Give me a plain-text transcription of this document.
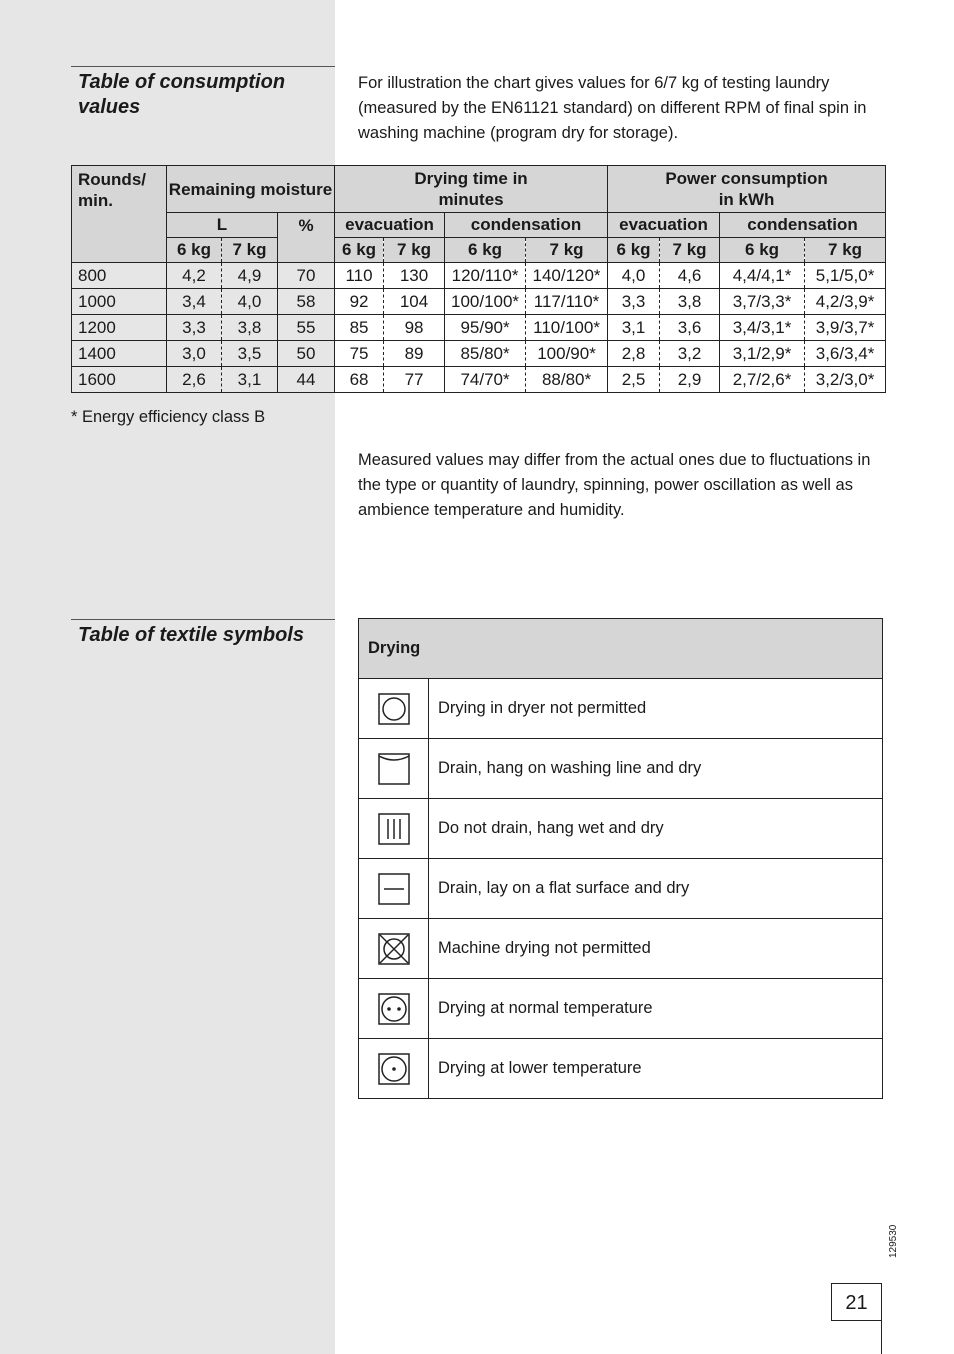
Table of consumption values

For illustration the chart gives values for 6/7 kg of testing laundry (measured by the EN61121 standard) on different RPM of final spin in washing machine (program dry for storage).

Rounds/ min.	Remaining moisture			Drying time in minutes				Power consumption in kWh			
	L		%	evacuation		condensation		evacuation		condensation	
	6 kg	7 kg		6 kg	7 kg	6 kg	7 kg	6 kg	7 kg	6 kg	7 kg
800	4,2	4,9	70	110	130	120/110*	140/120*	4,0	4,6	4,4/4,1*	5,1/5,0*
1000	3,4	4,0	58	92	104	100/100*	117/110*	3,3	3,8	3,7/3,3*	4,2/3,9*
1200	3,3	3,8	55	85	98	95/90*	110/100*	3,1	3,6	3,4/3,1*	3,9/3,7*
1400	3,0	3,5	50	75	89	85/80*	100/90*	2,8	3,2	3,1/2,9*	3,6/3,4*
1600	2,6	3,1	44	68	77	74/70*	88/80*	2,5	2,9	2,7/2,6*	3,2/3,0*

* Energy efficiency class B

Measured values may differ from the actual ones due to fluctuations in the type or quantity of laundry, spinning, power oscillation as well as ambience temperature and humidity.

Table of textile symbols

Drying	

	Drying in dryer not permitted

	Drain, hang on washing line and dry

	Do not drain, hang wet and dry

	Drain, lay on a flat surface and dry

	Machine drying not permitted

	Drying at normal temperature

	Drying at lower temperature
129530
21
